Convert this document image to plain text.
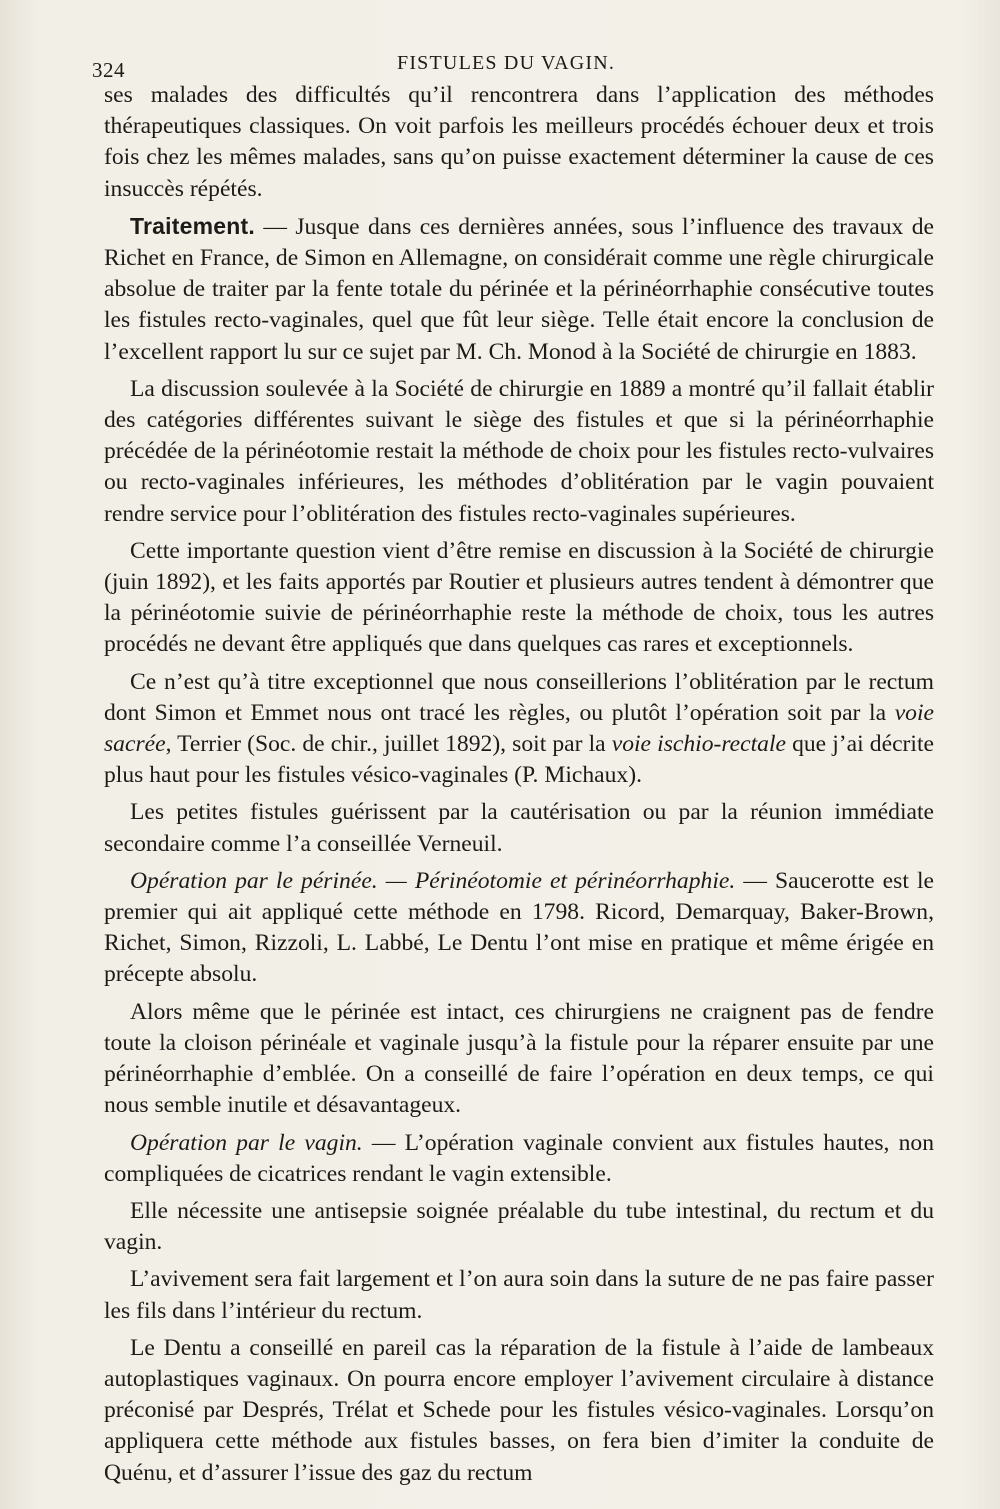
324	FISTULES DU VAGIN.

ses malades des difficultés qu’il rencontrera dans l’application des méthodes thérapeutiques classiques. On voit parfois les meilleurs procédés échouer deux et trois fois chez les mêmes malades, sans qu’on puisse exactement déterminer la cause de ces insuccès répétés.

Traitement. — Jusque dans ces dernières années, sous l’influence des travaux de Richet en France, de Simon en Allemagne, on considérait comme une règle chirurgicale absolue de traiter par la fente totale du périnée et la périnéorrhaphie consécutive toutes les fistules recto-vaginales, quel que fût leur siège. Telle était encore la conclusion de l’excellent rapport lu sur ce sujet par M. Ch. Monod à la Société de chirurgie en 1883.

La discussion soulevée à la Société de chirurgie en 1889 a montré qu’il fallait établir des catégories différentes suivant le siège des fistules et que si la périnéorrhaphie précédée de la périnéotomie restait la méthode de choix pour les fistules recto-vulvaires ou recto-vaginales inférieures, les méthodes d’oblitération par le vagin pouvaient rendre service pour l’oblitération des fistules recto-vaginales supérieures.

Cette importante question vient d’être remise en discussion à la Société de chirurgie (juin 1892), et les faits apportés par Routier et plusieurs autres tendent à démontrer que la périnéotomie suivie de périnéorrhaphie reste la méthode de choix, tous les autres procédés ne devant être appliqués que dans quelques cas rares et exceptionnels.

Ce n’est qu’à titre exceptionnel que nous conseillerions l’oblitération par le rectum dont Simon et Emmet nous ont tracé les règles, ou plutôt l’opération soit par la voie sacrée, Terrier (Soc. de chir., juillet 1892), soit par la voie ischio-rectale que j’ai décrite plus haut pour les fistules vésico-vaginales (P. Michaux).

Les petites fistules guérissent par la cautérisation ou par la réunion immédiate secondaire comme l’a conseillée Verneuil.

Opération par le périnée. — Périnéotomie et périnéorrhaphie. — Saucerotte est le premier qui ait appliqué cette méthode en 1798. Ricord, Demarquay, Baker-Brown, Richet, Simon, Rizzoli, L. Labbé, Le Dentu l’ont mise en pratique et même érigée en précepte absolu.

Alors même que le périnée est intact, ces chirurgiens ne craignent pas de fendre toute la cloison périnéale et vaginale jusqu’à la fistule pour la réparer ensuite par une périnéorrhaphie d’emblée. On a conseillé de faire l’opération en deux temps, ce qui nous semble inutile et désavantageux.

Opération par le vagin. — L’opération vaginale convient aux fistules hautes, non compliquées de cicatrices rendant le vagin extensible.

Elle nécessite une antisepsie soignée préalable du tube intestinal, du rectum et du vagin.

L’avivement sera fait largement et l’on aura soin dans la suture de ne pas faire passer les fils dans l’intérieur du rectum.

Le Dentu a conseillé en pareil cas la réparation de la fistule à l’aide de lambeaux autoplastiques vaginaux. On pourra encore employer l’avivement circulaire à distance préconisé par Després, Trélat et Schede pour les fistules vésico-vaginales. Lorsqu’on appliquera cette méthode aux fistules basses, on fera bien d’imiter la conduite de Quénu, et d’assurer l’issue des gaz du rectum
